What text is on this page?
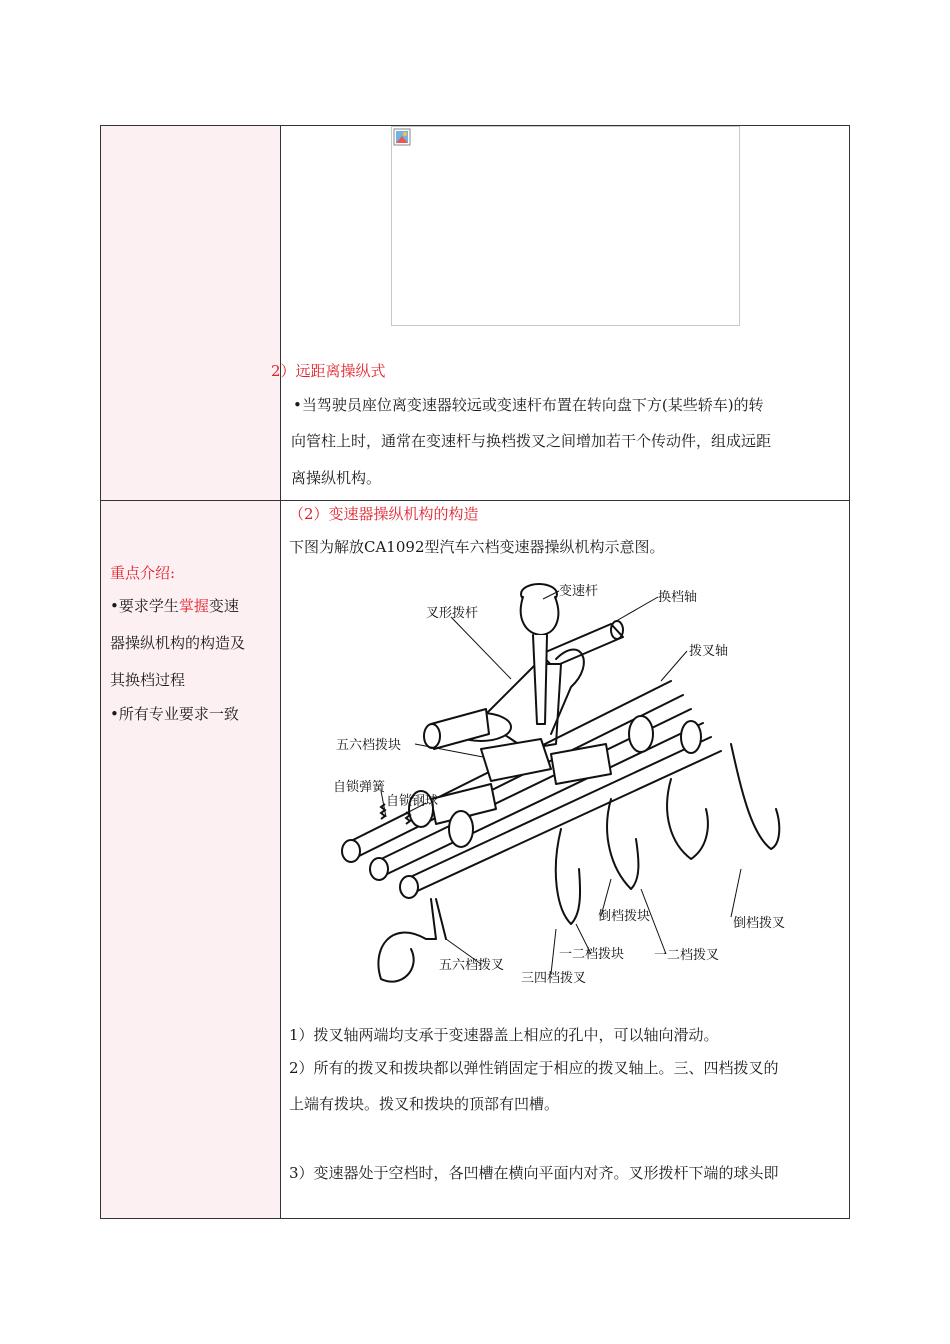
2）远距离操纵式
•当驾驶员座位离变速器较远或变速杆布置在转向盘下方(某些轿车)的转
向管柱上时，通常在变速杆与换档拨叉之间增加若干个传动件，组成远距
离操纵机构。
重点介绍:
•要求学生掌握变速
器操纵机构的构造及
其换档过程
•所有专业要求一致
（2）变速器操纵机构的构造
下图为解放CA1092型汽车六档变速器操纵机构示意图。
变速杆	换档轴
叉形拨杆
拨叉轴
五六档拨块
自锁钢球
自锁弹簧
倒档拨块	倒档拨叉
五六档拨叉
一二档拨块 一二档拨叉
三四档拨叉
1）拨叉轴两端均支承于变速器盖上相应的孔中，可以轴向滑动。
2）所有的拨叉和拨块都以弹性销固定于相应的拨叉轴上。三、四档拨叉的
上端有拨块。拨叉和拨块的顶部有凹槽。
3）变速器处于空档时，各凹槽在横向平面内对齐。叉形拨杆下端的球头即
